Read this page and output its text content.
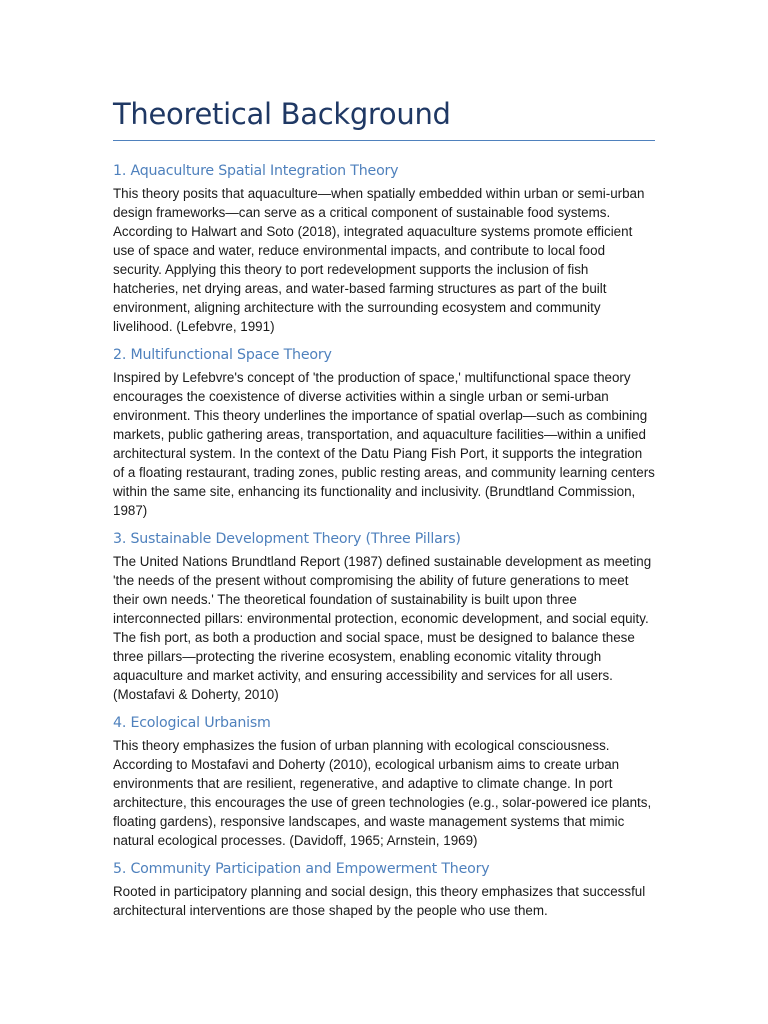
Theoretical Background
1. Aquaculture Spatial Integration Theory

This theory posits that aquaculture—when spatially embedded within urban or semi-urban design frameworks—can serve as a critical component of sustainable food systems. According to Halwart and Soto (2018), integrated aquaculture systems promote efficient use of space and water, reduce environmental impacts, and contribute to local food security. Applying this theory to port redevelopment supports the inclusion of fish hatcheries, net drying areas, and water-based farming structures as part of the built environment, aligning architecture with the surrounding ecosystem and community livelihood. (Lefebvre, 1991)

2. Multifunctional Space Theory

Inspired by Lefebvre's concept of 'the production of space,' multifunctional space theory encourages the coexistence of diverse activities within a single urban or semi-urban environment. This theory underlines the importance of spatial overlap—such as combining markets, public gathering areas, transportation, and aquaculture facilities—within a unified architectural system. In the context of the Datu Piang Fish Port, it supports the integration of a floating restaurant, trading zones, public resting areas, and community learning centers within the same site, enhancing its functionality and inclusivity. (Brundtland Commission, 1987)

3. Sustainable Development Theory (Three Pillars)

The United Nations Brundtland Report (1987) defined sustainable development as meeting 'the needs of the present without compromising the ability of future generations to meet their own needs.' The theoretical foundation of sustainability is built upon three interconnected pillars: environmental protection, economic development, and social equity. The fish port, as both a production and social space, must be designed to balance these three pillars—protecting the riverine ecosystem, enabling economic vitality through aquaculture and market activity, and ensuring accessibility and services for all users. (Mostafavi & Doherty, 2010)

4. Ecological Urbanism

This theory emphasizes the fusion of urban planning with ecological consciousness. According to Mostafavi and Doherty (2010), ecological urbanism aims to create urban environments that are resilient, regenerative, and adaptive to climate change. In port architecture, this encourages the use of green technologies (e.g., solar-powered ice plants, floating gardens), responsive landscapes, and waste management systems that mimic natural ecological processes. (Davidoff, 1965; Arnstein, 1969)

5. Community Participation and Empowerment Theory

Rooted in participatory planning and social design, this theory emphasizes that successful architectural interventions are those shaped by the people who use them.
